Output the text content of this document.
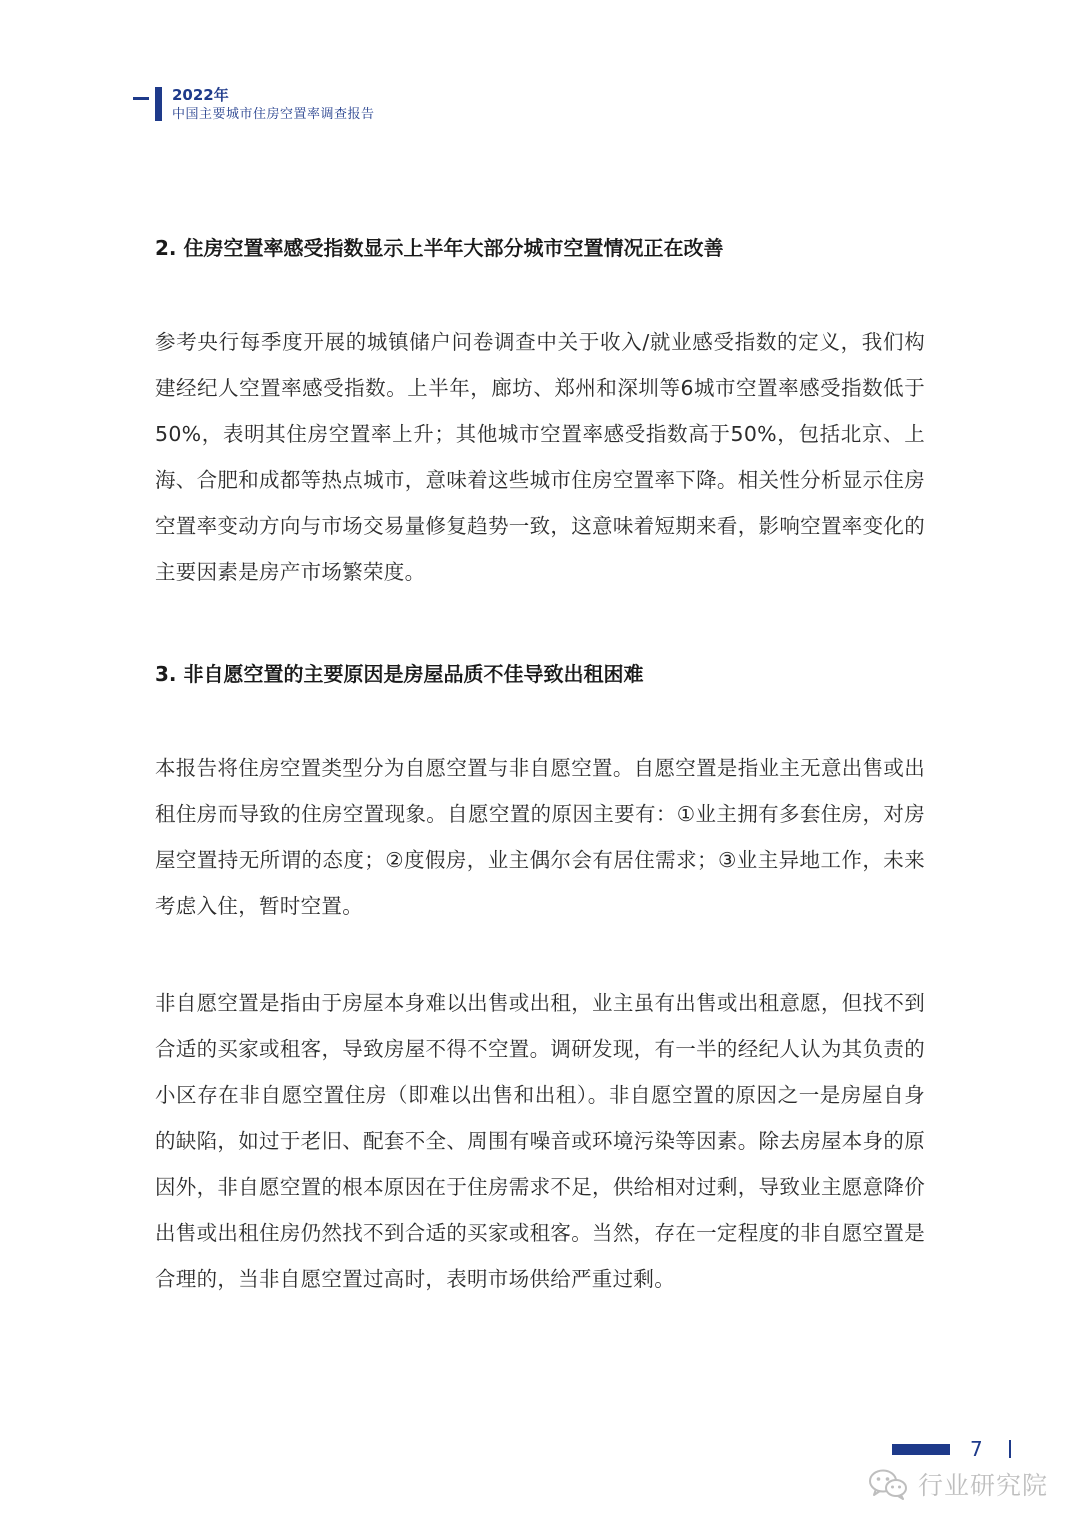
2022年
中国主要城市住房空置率调查报告
2. 住房空置率感受指数显示上半年大部分城市空置情况正在改善

参考央行每季度开展的城镇储户问卷调查中关于收入/就业感受指数的定义，我们构建经纪人空置率感受指数。上半年，廊坊、郑州和深圳等6城市空置率感受指数低于50%，表明其住房空置率上升；其他城市空置率感受指数高于50%，包括北京、上海、合肥和成都等热点城市，意味着这些城市住房空置率下降。相关性分析显示住房空置率变动方向与市场交易量修复趋势一致，这意味着短期来看，影响空置率变化的主要因素是房产市场繁荣度。

3. 非自愿空置的主要原因是房屋品质不佳导致出租困难

本报告将住房空置类型分为自愿空置与非自愿空置。自愿空置是指业主无意出售或出租住房而导致的住房空置现象。自愿空置的原因主要有：①业主拥有多套住房，对房屋空置持无所谓的态度；②度假房，业主偶尔会有居住需求；③业主异地工作，未来考虑入住，暂时空置。

非自愿空置是指由于房屋本身难以出售或出租，业主虽有出售或出租意愿，但找不到合适的买家或租客，导致房屋不得不空置。调研发现，有一半的经纪人认为其负责的小区存在非自愿空置住房（即难以出售和出租）。非自愿空置的原因之一是房屋自身的缺陷，如过于老旧、配套不全、周围有噪音或环境污染等因素。除去房屋本身的原因外，非自愿空置的根本原因在于住房需求不足，供给相对过剩，导致业主愿意降价出售或出租住房仍然找不到合适的买家或租客。当然，存在一定程度的非自愿空置是合理的，当非自愿空置过高时，表明市场供给严重过剩。

7
行业研究院
